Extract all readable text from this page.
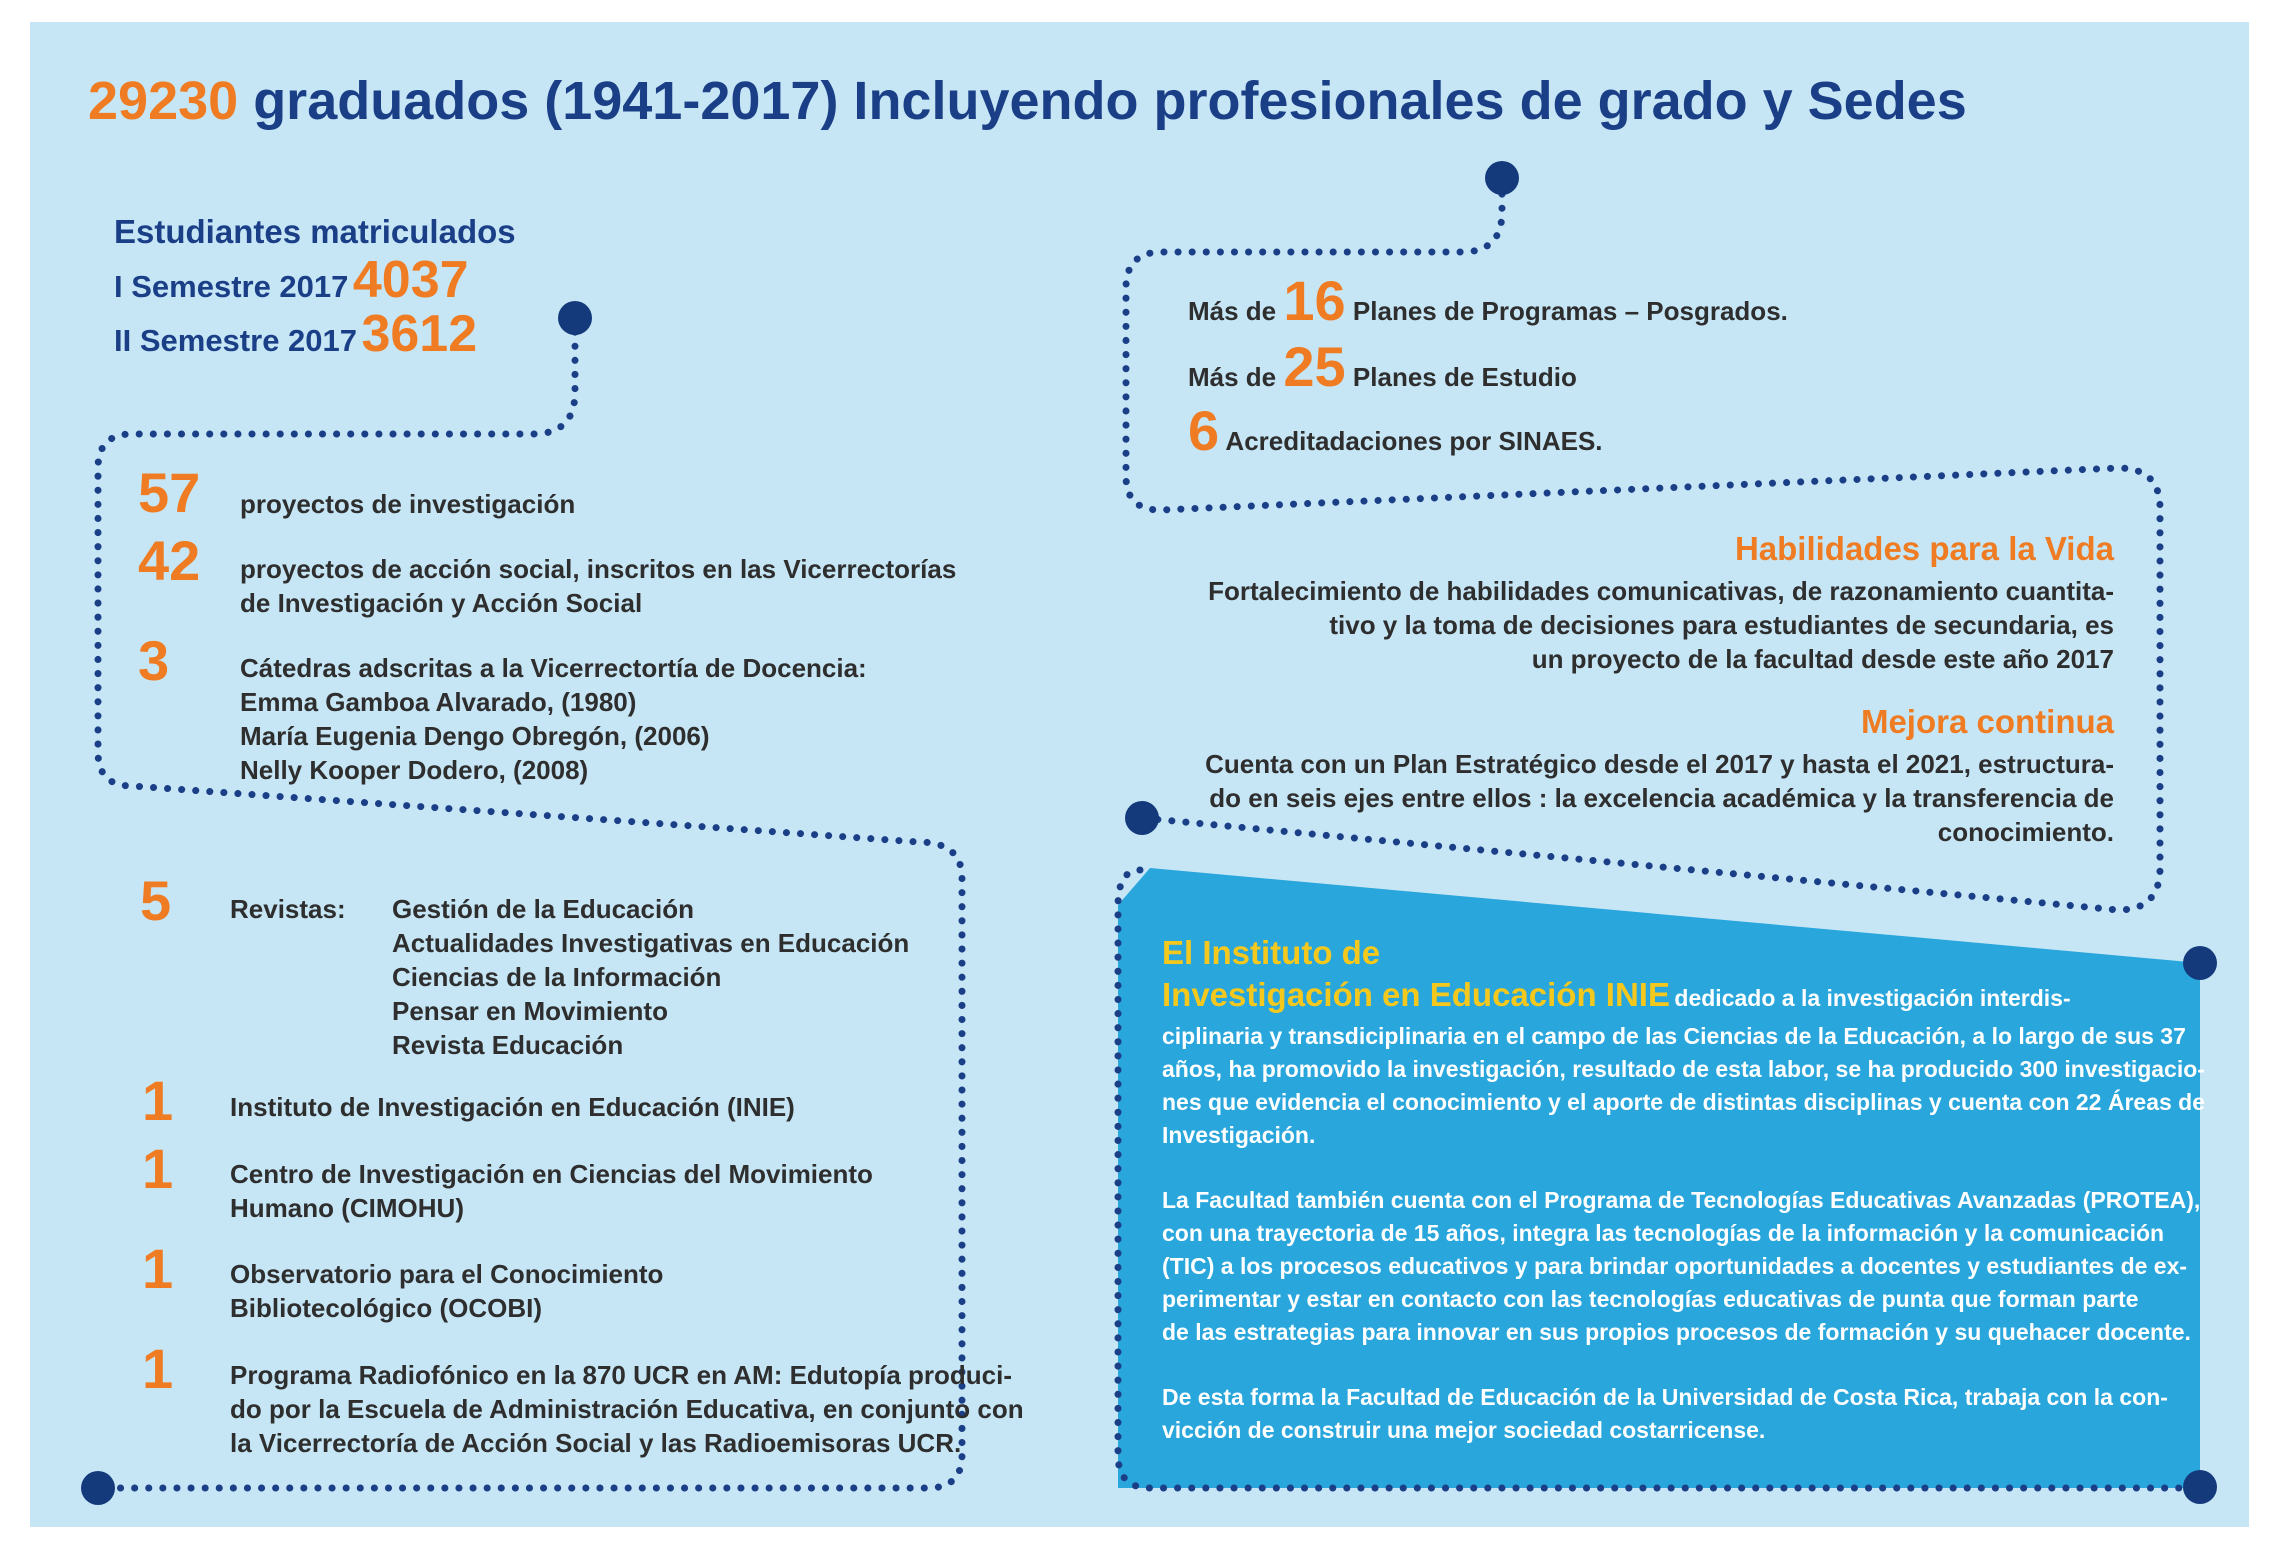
29230 graduados (1941-2017) Incluyendo profesionales de grado y Sedes
Estudiantes matriculados
I Semestre 2017 4037
II Semestre 2017 3612
57 proyectos de investigación
42 proyectos de acción social, inscritos en las Vicerrectorías
de Investigación y Acción Social
3	Cátedras adscritas a la Vicerrectortía de Docencia:
Emma Gamboa Alvarado, (1980)
María Eugenia Dengo Obregón, (2006)
Nelly Kooper Dodero, (2008)
5 Revistas: Gestión de la Educación
Actualidades Investigativas en Educación
Ciencias de la Información
Pensar en Movimiento
Revista Educación
1 Instituto de Investigación en Educación (INIE)
1 Centro de Investigación en Ciencias del Movimiento
Humano (CIMOHU)
1 Observatorio para el Conocimiento
Bibliotecológico (OCOBI)
1 Programa Radiofónico en la 870 UCR en AM: Edutopía produci-
do por la Escuela de Administración Educativa, en conjunto con
la Vicerrectoría de Acción Social y las Radioemisoras UCR.
Más de 16 Planes de Programas – Posgrados.
Más de 25 Planes de Estudio
6 Acreditadaciones por SINAES.
Habilidades para la Vida
Fortalecimiento de habilidades comunicativas, de razonamiento cuantita-
tivo y la toma de decisiones para estudiantes de secundaria, es
un proyecto de la facultad desde este año 2017
Mejora continua
Cuenta con un Plan Estratégico desde el 2017 y hasta el 2021, estructura-
do en seis ejes entre ellos : la excelencia académica y la transferencia de
conocimiento.
El Instituto de
Investigación en Educación INIE dedicado a la investigación interdis-
ciplinaria y transdiciplinaria en el campo de las Ciencias de la Educación, a lo largo de sus 37
años, ha promovido la investigación, resultado de esta labor, se ha producido 300 investigacio-
nes que evidencia el conocimiento y el aporte de distintas disciplinas y cuenta con 22 Áreas de
Investigación.
La Facultad también cuenta con el Programa de Tecnologías Educativas Avanzadas (PROTEA),
con una trayectoria de 15 años, integra las tecnologías de la información y la comunicación
(TIC) a los procesos educativos y para brindar oportunidades a docentes y estudiantes de ex-
perimentar y estar en contacto con las tecnologías educativas de punta que forman parte
de las estrategias para innovar en sus propios procesos de formación y su quehacer docente.
De esta forma la Facultad de Educación de la Universidad de Costa Rica, trabaja con la con-
vicción de construir una mejor sociedad costarricense.
